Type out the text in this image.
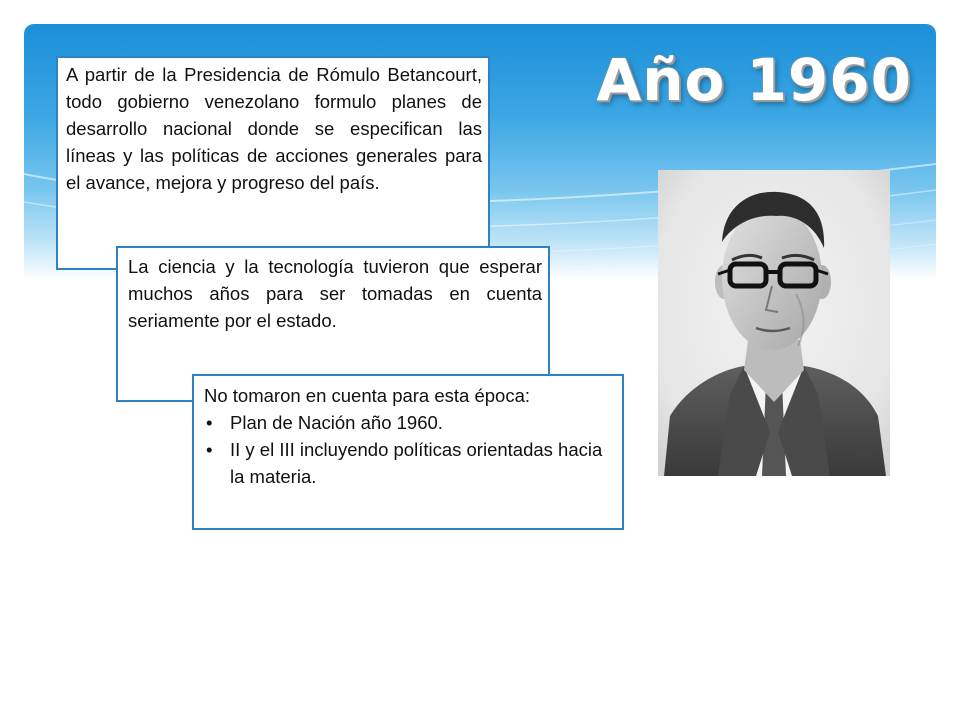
Año 1960
A partir de la Presidencia de Rómulo Betancourt, todo gobierno venezolano formulo planes de desarrollo nacional donde se especifican las líneas y las políticas de acciones generales para el avance, mejora y progreso del país.
La ciencia y la tecnología tuvieron que esperar muchos años para ser tomadas en cuenta seriamente por el estado.

No tomaron en cuenta para esta época:

• Plan de Nación año 1960.
• II y el III incluyendo políticas orientadas hacia la materia.
